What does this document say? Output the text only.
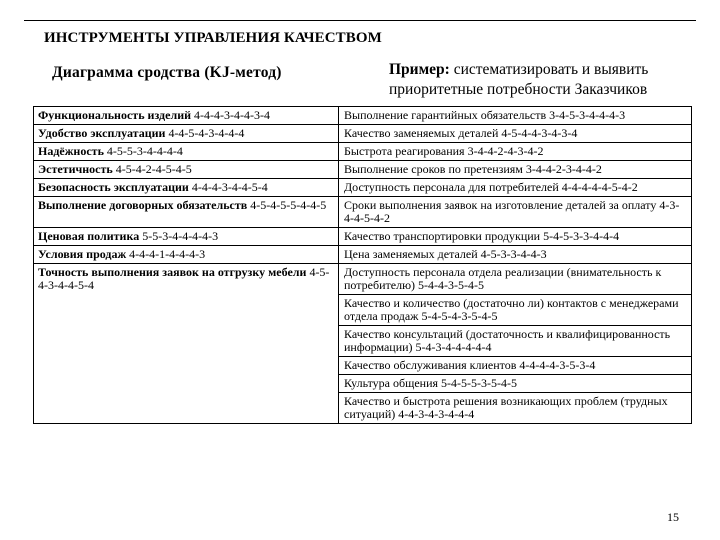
ИНСТРУМЕНТЫ УПРАВЛЕНИЯ КАЧЕСТВОМ
Диаграмма сродства (KJ-метод)	Пример: систематизировать и выявить приоритетные потребности Заказчиков
Функциональность изделий 4-4-4-3-4-4-3-4	Выполнение гарантийных обязательств 3-4-5-3-4-4-4-3
Удобство эксплуатации 4-4-5-4-3-4-4-4	Качество заменяемых деталей 4-5-4-4-3-4-3-4
Надёжность 4-5-5-3-4-4-4-4	Быстрота реагирования 3-4-4-2-4-3-4-2
Эстетичность 4-5-4-2-4-5-4-5	Выполнение сроков по претензиям 3-4-4-2-3-4-4-2
Безопасность эксплуатации 4-4-4-3-4-4-5-4	Доступность персонала для потребителей 4-4-4-4-4-5-4-2
Выполнение договорных обязательств 4-5-4-5-5-4-4-5	Сроки выполнения заявок на изготовление деталей за оплату 4-3-4-4-5-4-2
Ценовая политика 5-5-3-4-4-4-4-3	Качество транспортировки продукции 5-4-5-3-3-4-4-4
Условия продаж 4-4-4-1-4-4-4-3	Цена заменяемых деталей 4-5-3-3-4-4-3
Точность выполнения заявок на отгрузку мебели 4-5-4-3-4-4-5-4	Доступность персонала отдела реализации (внимательность к потребителю) 5-4-4-3-5-4-5
	Качество и количество (достаточно ли) контактов с менеджерами отдела продаж 5-4-5-4-3-5-4-5
	Качество консультаций (достаточность и квалифицированность информации) 5-4-3-4-4-4-4-4
	Качество обслуживания клиентов 4-4-4-4-3-5-3-4
	Культура общения 5-4-5-5-3-5-4-5
	Качество и быстрота решения возникающих проблем (трудных ситуаций) 4-4-3-4-3-4-4-4
15
